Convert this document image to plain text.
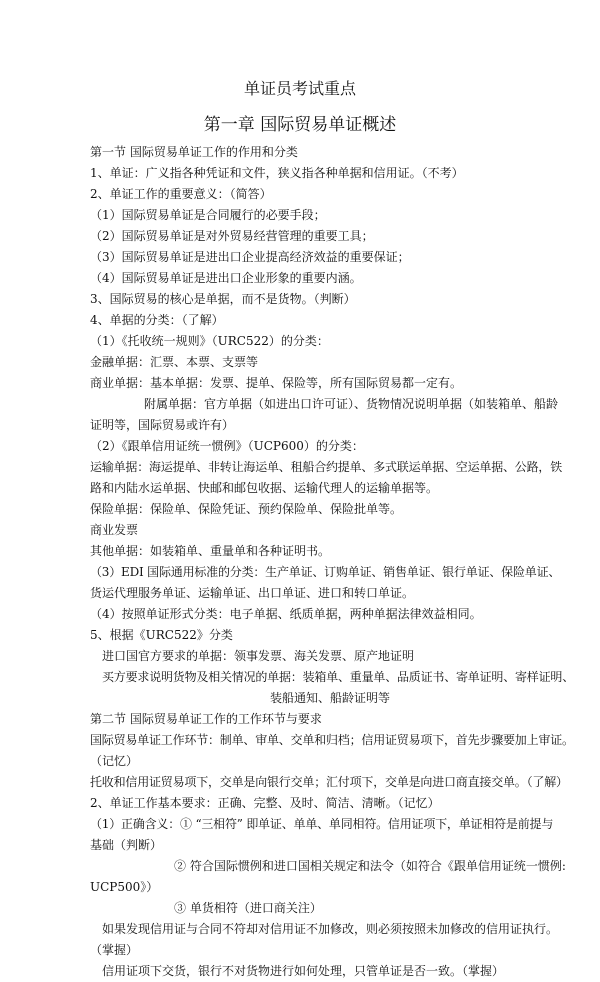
单证员考试重点
第一章 国际贸易单证概述
第一节 国际贸易单证工作的作用和分类
1、单证：广义指各种凭证和文件，狭义指各种单据和信用证。（不考）
2、单证工作的重要意义：（简答）
（1）国际贸易单证是合同履行的必要手段；
（2）国际贸易单证是对外贸易经营管理的重要工具；
（3）国际贸易单证是进出口企业提高经济效益的重要保证；
（4）国际贸易单证是进出口企业形象的重要内涵。
3、国际贸易的核心是单据，而不是货物。（判断）
4、单据的分类：（了解）
（1）《托收统一规则》（URC522）的分类：
金融单据：汇票、本票、支票等
商业单据：基本单据：发票、提单、保险等，所有国际贸易都一定有。
附属单据：官方单据（如进出口许可证）、货物情况说明单据（如装箱单、船龄
证明等，国际贸易或许有）
（2）《跟单信用证统一惯例》（UCP600）的分类：
运输单据：海运提单、非转让海运单、租船合约提单、多式联运单据、空运单据、公路，铁
路和内陆水运单据、快邮和邮包收据、运输代理人的运输单据等。
保险单据：保险单、保险凭证、预约保险单、保险批单等。
商业发票
其他单据：如装箱单、重量单和各种证明书。
（3）EDI 国际通用标准的分类：生产单证、订购单证、销售单证、银行单证、保险单证、
货运代理服务单证、运输单证、出口单证、进口和转口单证。
（4）按照单证形式分类：电子单据、纸质单据，两种单据法律效益相同。
5、根据《URC522》分类
进口国官方要求的单据：领事发票、海关发票、原产地证明
买方要求说明货物及相关情况的单据：装箱单、重量单、品质证书、寄单证明、寄样证明、
装船通知、船龄证明等
第二节 国际贸易单证工作的工作环节与要求
国际贸易单证工作环节：制单、审单、交单和归档；信用证贸易项下，首先步骤要加上审证。
（记忆）
托收和信用证贸易项下，交单是向银行交单；汇付项下，交单是向进口商直接交单。（了解）
2、单证工作基本要求：正确、完整、及时、简洁、清晰。（记忆）
（1）正确含义：① “三相符” 即单证、单单、单同相符。信用证项下，单证相符是前提与
基础（判断）
② 符合国际惯例和进口国相关规定和法令（如符合《跟单信用证统一惯例:
UCP500》）
③ 单货相符（进口商关注）
如果发现信用证与合同不符却对信用证不加修改，则必须按照未加修改的信用证执行。
（掌握）
信用证项下交货，银行不对货物进行如何处理，只管单证是否一致。（掌握）
